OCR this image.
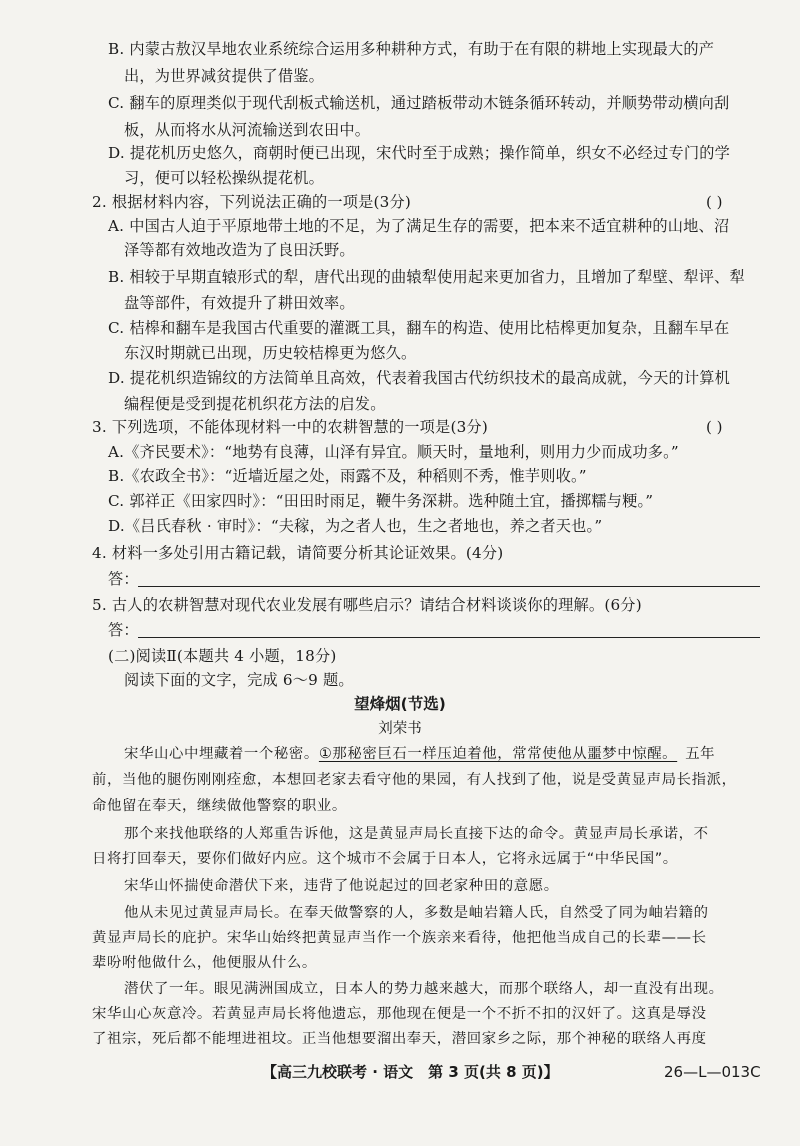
B. 内蒙古敖汉旱地农业系统综合运用多种耕种方式，有助于在有限的耕地上实现最大的产
出，为世界减贫提供了借鉴。
C. 翻车的原理类似于现代刮板式输送机，通过踏板带动木链条循环转动，并顺势带动横向刮
板，从而将水从河流输送到农田中。
D. 提花机历史悠久，商朝时便已出现，宋代时至于成熟；操作简单，织女不必经过专门的学
习，便可以轻松操纵提花机。
2. 根据材料内容，下列说法正确的一项是(3分)	( )
A. 中国古人迫于平原地带土地的不足，为了满足生存的需要，把本来不适宜耕种的山地、沼
泽等都有效地改造为了良田沃野。
B. 相较于早期直辕形式的犁，唐代出现的曲辕犁使用起来更加省力，且增加了犁壁、犁评、犁
盘等部件，有效提升了耕田效率。
C. 桔槔和翻车是我国古代重要的灌溉工具，翻车的构造、使用比桔槔更加复杂，且翻车早在
东汉时期就已出现，历史较桔槔更为悠久。
D. 提花机织造锦纹的方法简单且高效，代表着我国古代纺织技术的最高成就，今天的计算机
编程便是受到提花机织花方法的启发。
3. 下列选项，不能体现材料一中的农耕智慧的一项是(3分)	( )
A.《齐民要术》：“地势有良薄，山泽有异宜。顺天时，量地利，则用力少而成功多。”
B.《农政全书》：“近墙近屋之处，雨露不及，种稻则不秀，惟芋则收。”
C. 郭祥正《田家四时》：“田田时雨足，鞭牛务深耕。选种随土宜，播掷糯与粳。”
D.《吕氏春秋 · 审时》：“夫稼，为之者人也，生之者地也，养之者天也。”
4. 材料一多处引用古籍记载，请简要分析其论证效果。(4分)
答：
5. 古人的农耕智慧对现代农业发展有哪些启示？请结合材料谈谈你的理解。(6分)
答：
(二)阅读Ⅱ(本题共 4 小题，18分)
阅读下面的文字，完成 6～9 题。
望烽烟(节选)
刘荣书
宋华山心中埋藏着一个秘密。①那秘密巨石一样压迫着他，常常使他从噩梦中惊醒。 五年
前，当他的腿伤刚刚痊愈，本想回老家去看守他的果园，有人找到了他，说是受黄显声局长指派，
命他留在奉天，继续做他警察的职业。
那个来找他联络的人郑重告诉他，这是黄显声局长直接下达的命令。黄显声局长承诺，不
日将打回奉天，要你们做好内应。这个城市不会属于日本人，它将永远属于“中华民国”。
宋华山怀揣使命潜伏下来，违背了他说起过的回老家种田的意愿。
他从未见过黄显声局长。在奉天做警察的人，多数是岫岩籍人氏，自然受了同为岫岩籍的
黄显声局长的庇护。宋华山始终把黄显声当作一个族亲来看待，他把他当成自己的长辈——长
辈吩咐他做什么，他便服从什么。
潜伏了一年。眼见满洲国成立，日本人的势力越来越大，而那个联络人，却一直没有出现。
宋华山心灰意冷。若黄显声局长将他遗忘，那他现在便是一个不折不扣的汉奸了。这真是辱没
了祖宗，死后都不能埋进祖坟。正当他想要溜出奉天，潜回家乡之际，那个神秘的联络人再度
【高三九校联考 · 语文　第 3 页(共 8 页)】	26—L—013C
